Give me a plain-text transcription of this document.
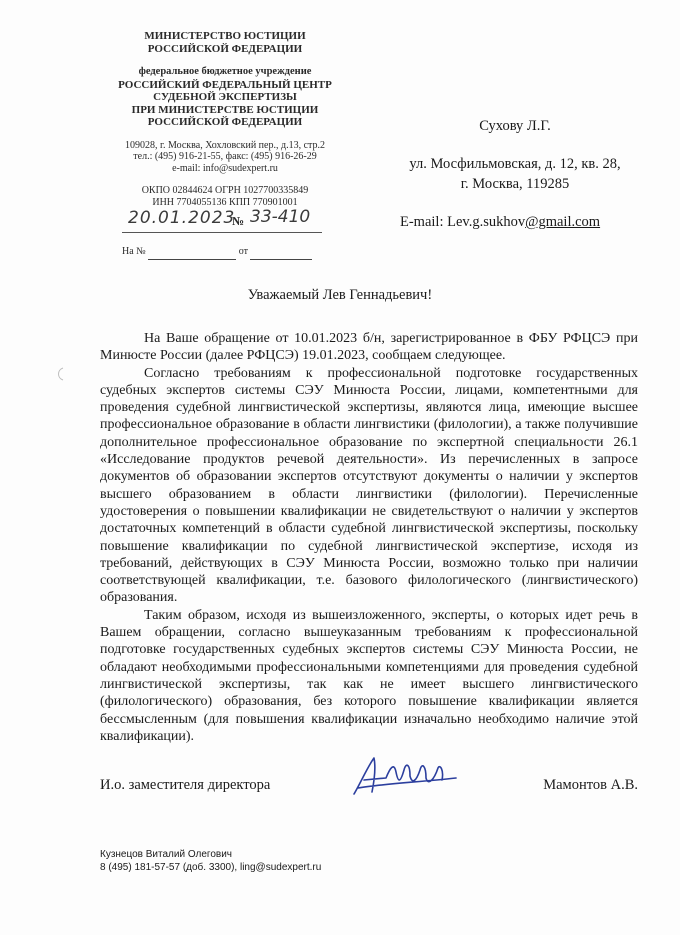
МИНИСТЕРСТВО ЮСТИЦИИ
РОССИЙСКОЙ ФЕДЕРАЦИИ
федеральное бюджетное учреждение
РОССИЙСКИЙ ФЕДЕРАЛЬНЫЙ ЦЕНТР
СУДЕБНОЙ ЭКСПЕРТИЗЫ
ПРИ МИНИСТЕРСТВЕ ЮСТИЦИИ
РОССИЙСКОЙ ФЕДЕРАЦИИ
109028, г. Москва, Хохловский пер., д.13, стр.2
тел.: (495) 916-21-55, факс: (495) 916-26-29
e-mail: info@sudexpert.ru
ОКПО 02844624 ОГРН 1027700335849
ИНН 7704055136 КПП 770901001
20.01.2023
№ 33-410
На №	от
Сухову Л.Г.
ул. Мосфильмовская, д. 12, кв. 28,
г. Москва, 119285
E-mail: Lev.g.sukhov@gmail.com
Уважаемый Лев Геннадьевич!

На Ваше обращение от 10.01.2023 б/н, зарегистрированное в ФБУ РФЦСЭ при Минюсте России (далее РФЦСЭ) 19.01.2023, сообщаем следующее.

Согласно требованиям к профессиональной подготовке государственных судебных экспертов системы СЭУ Минюста России, лицами, компетентными для проведения судебной лингвистической экспертизы, являются лица, имеющие высшее профессиональное образование в области лингвистики (филологии), а также получившие дополнительное профессиональное образование по экспертной специальности 26.1 «Исследование продуктов речевой деятельности». Из перечисленных в запросе документов об образовании экспертов отсутствуют документы о наличии у экспертов высшего образованием в области лингвистики (филологии). Перечисленные удостоверения о повышении квалификации не свидетельствуют о наличии у экспертов достаточных компетенций в области судебной лингвистической экспертизы, поскольку повышение квалификации по судебной лингвистической экспертизе, исходя из требований, действующих в СЭУ Минюста России, возможно только при наличии соответствующей квалификации, т.е. базового филологического (лингвистического) образования.

Таким образом, исходя из вышеизложенного, эксперты, о которых идет речь в Вашем обращении, согласно вышеуказанным требованиям к профессиональной подготовке государственных судебных экспертов системы СЭУ Минюста России, не обладают необходимыми профессиональными компетенциями для проведения судебной лингвистической экспертизы, так как не имеет высшего лингвистического (филологического) образования, без которого повышение квалификации является бессмысленным (для повышения квалификации изначально необходимо наличие этой квалификации).

И.о. заместителя директора	Мамонтов А.В.
Кузнецов Виталий Олегович
8 (495) 181-57-57 (доб. 3300), ling@sudexpert.ru
